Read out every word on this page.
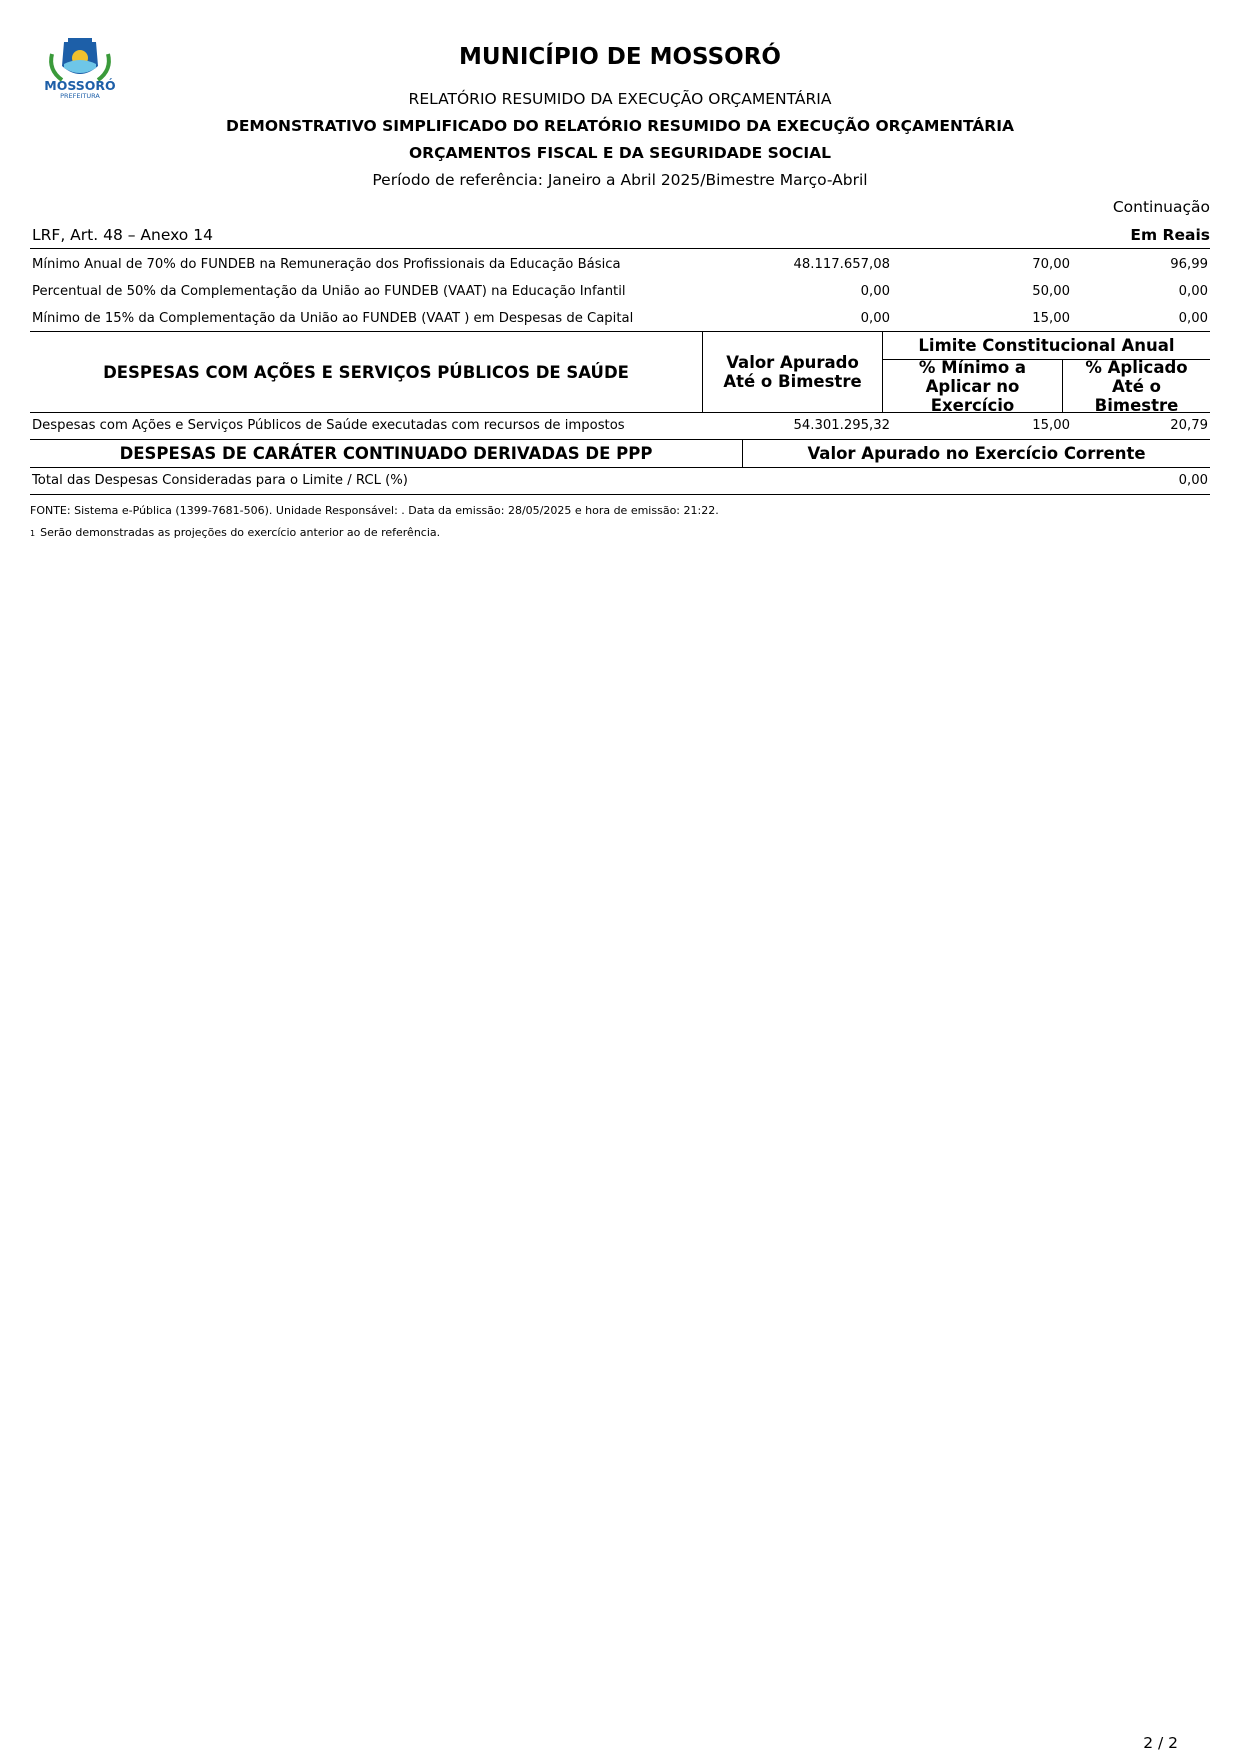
MOSSORÓ
PREFEITURA
MUNICÍPIO DE MOSSORÓ
RELATÓRIO RESUMIDO DA EXECUÇÃO ORÇAMENTÁRIA
DEMONSTRATIVO SIMPLIFICADO DO RELATÓRIO RESUMIDO DA EXECUÇÃO ORÇAMENTÁRIA
ORÇAMENTOS FISCAL E DA SEGURIDADE SOCIAL
Período de referência: Janeiro a Abril 2025/Bimestre Março-Abril
Continuação
LRF, Art. 48 – Anexo 14	Em Reais
Mínimo Anual de 70% do FUNDEB na Remuneração dos Profissionais da Educação Básica	48.117.657,08	70,00	96,99
Percentual de 50% da Complementação da União ao FUNDEB (VAAT) na Educação Infantil	0,00	50,00	0,00
Mínimo de 15% da Complementação da União ao FUNDEB (VAAT ) em Despesas de Capital	0,00	15,00	0,00
DESPESAS COM AÇÕES E SERVIÇOS PÚBLICOS DE SAÚDE	Valor Apurado Até o Bimestre
Limite Constitucional Anual
% Mínimo a Aplicar no Exercício
% Aplicado Até o Bimestre
Despesas com Ações e Serviços Públicos de Saúde executadas com recursos de impostos	54.301.295,32	15,00	20,79
DESPESAS DE CARÁTER CONTINUADO DERIVADAS DE PPP	Valor Apurado no Exercício Corrente
Total das Despesas Consideradas para o Limite / RCL (%)	0,00
FONTE: Sistema e-Pública (1399-7681-506). Unidade Responsável: . Data da emissão: 28/05/2025 e hora de emissão: 21:22.
1 Serão demonstradas as projeções do exercício anterior ao de referência.
2 / 2
